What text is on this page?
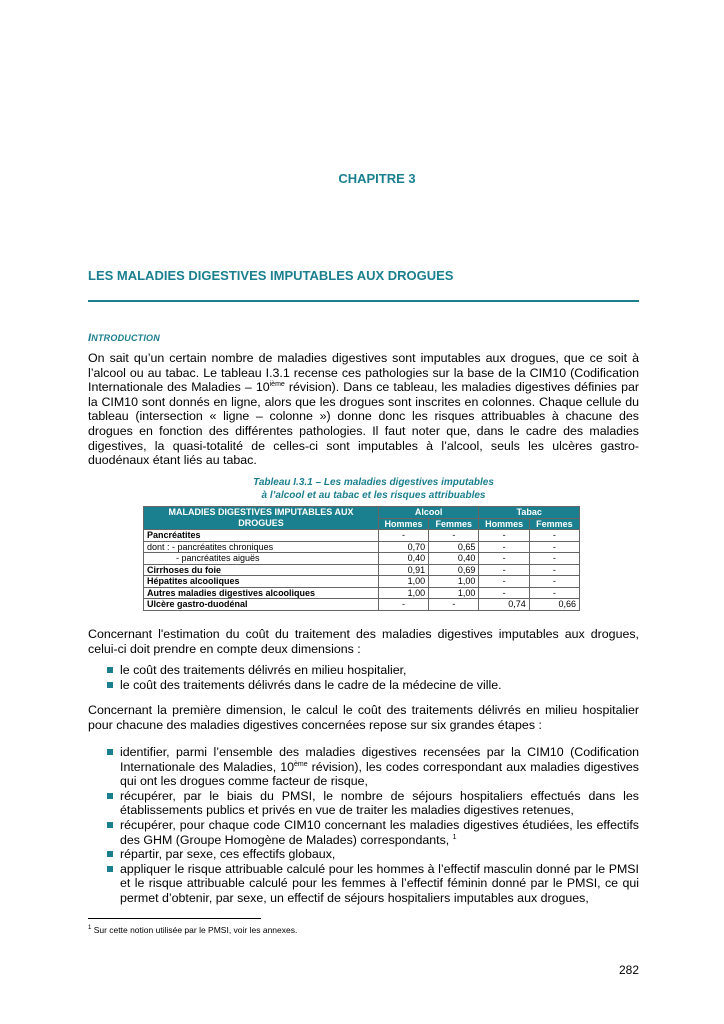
CHAPITRE 3
LES MALADIES DIGESTIVES IMPUTABLES AUX DROGUES
INTRODUCTION
On sait qu’un certain nombre de maladies digestives sont imputables aux drogues, que ce soit à l’alcool ou au tabac. Le tableau I.3.1 recense ces pathologies sur la base de la CIM10 (Codification Internationale des Maladies – 10ième révision). Dans ce tableau, les maladies digestives définies par la CIM10 sont donnés en ligne, alors que les drogues sont inscrites en colonnes. Chaque cellule du tableau (intersection « ligne – colonne ») donne donc les risques attribuables à chacune des drogues en fonction des différentes pathologies. Il faut noter que, dans le cadre des maladies digestives, la quasi-totalité de celles-ci sont imputables à l’alcool, seuls les ulcères gastro-duodénaux étant liés au tabac.
Tableau I.3.1 – Les maladies digestives imputables
à l’alcool et au tabac et les risques attribuables
MALADIES DIGESTIVES IMPUTABLES AUX DROGUES	Alcool		Tabac	
	Hommes	Femmes	Hommes	Femmes
Pancréatites	-	-	-	-
dont : - pancréatites chroniques	0,70	0,65	-	-
- pancréatites aiguës	0,40	0,40	-	-
Cirrhoses du foie	0,91	0,69	-	-
Hépatites alcooliques	1,00	1,00	-	-
Autres maladies digestives alcooliques	1,00	1,00	-	-
Ulcère gastro-duodénal	-	-	0,74	0,66
Concernant l'estimation du coût du traitement des maladies digestives imputables aux drogues, celui-ci doit prendre en compte deux dimensions :
le coût des traitements délivrés en milieu hospitalier,
le coût des traitements délivrés dans le cadre de la médecine de ville.
Concernant la première dimension, le calcul le coût des traitements délivrés en milieu hospitalier pour chacune des maladies digestives concernées repose sur six grandes étapes :
identifier, parmi l’ensemble des maladies digestives recensées par la CIM10 (Codification Internationale des Maladies, 10ème révision), les codes correspondant aux maladies digestives qui ont les drogues comme facteur de risque,
récupérer, par le biais du PMSI, le nombre de séjours hospitaliers effectués dans les établissements publics et privés en vue de traiter les maladies digestives retenues,
récupérer, pour chaque code CIM10 concernant les maladies digestives étudiées, les effectifs des GHM (Groupe Homogène de Malades) correspondants, $^1$
répartir, par sexe, ces effectifs globaux,
appliquer le risque attribuable calculé pour les hommes à l’effectif masculin donné par le PMSI et le risque attribuable calculé pour les femmes à l’effectif féminin donné par le PMSI, ce qui permet d’obtenir, par sexe, un effectif de séjours hospitaliers imputables aux drogues,
$^1$ Sur cette notion utilisée par le PMSI, voir les annexes.
282
